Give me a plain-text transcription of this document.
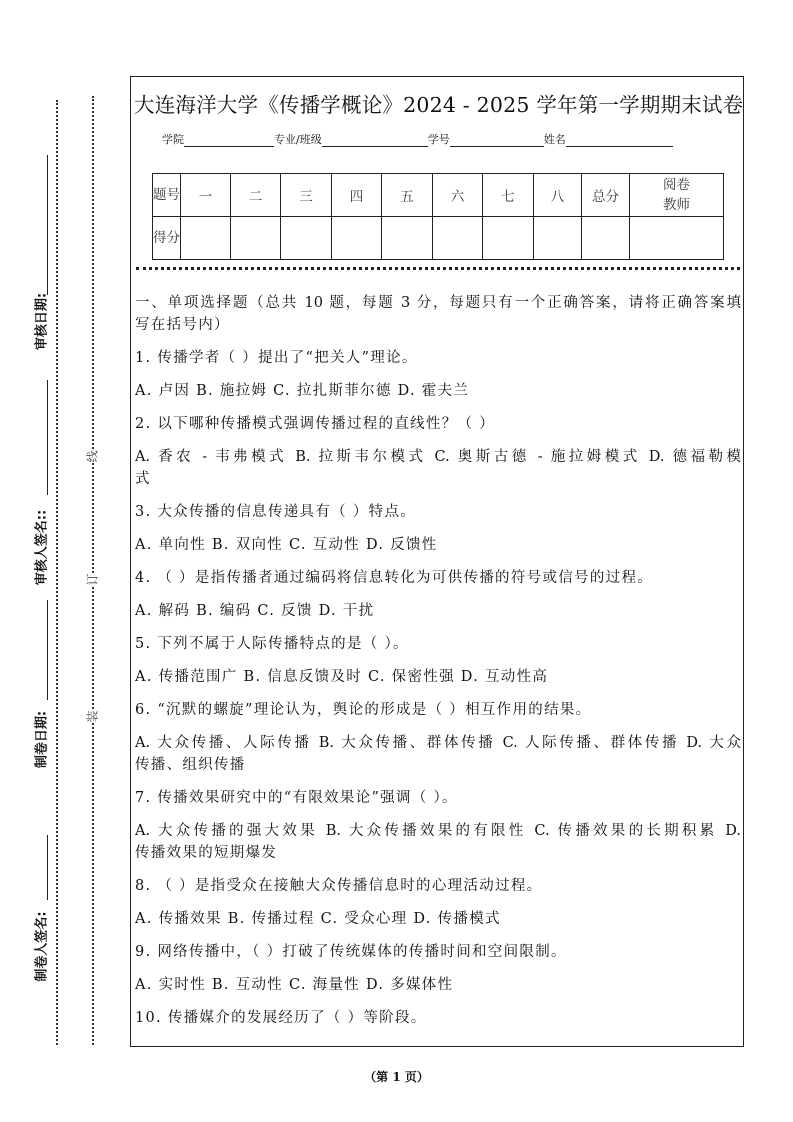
审核日期:
审核人签名::
制卷日期:
制卷人签名:
线
订
装
大连海洋大学《传播学概论》2024 - 2025 学年第一学期期末试卷
学院	专业/班级	学号	姓名
题号	一	二	三	四	五	六	七	八	总分	阅卷教师
得分										
一、单项选择题（总共 10 题，每题 3 分，每题只有一个正确答案，请将正确答案填
写在括号内）
1. 传播学者（ ）提出了“把关人”理论。
A. 卢因 B. 施拉姆 C. 拉扎斯菲尔德 D. 霍夫兰
2. 以下哪种传播模式强调传播过程的直线性？（ ）
A. 香农 - 韦弗模式 B. 拉斯韦尔模式 C. 奥斯古德 - 施拉姆模式 D. 德福勒模
式
3. 大众传播的信息传递具有（ ）特点。
A. 单向性 B. 双向性 C. 互动性 D. 反馈性
4. （ ）是指传播者通过编码将信息转化为可供传播的符号或信号的过程。
A. 解码 B. 编码 C. 反馈 D. 干扰
5. 下列不属于人际传播特点的是（ ）。
A. 传播范围广 B. 信息反馈及时 C. 保密性强 D. 互动性高
6. “沉默的螺旋”理论认为，舆论的形成是（ ）相互作用的结果。
A. 大众传播、人际传播 B. 大众传播、群体传播 C. 人际传播、群体传播 D. 大众
传播、组织传播
7. 传播效果研究中的“有限效果论”强调（ ）。
A. 大众传播的强大效果 B. 大众传播效果的有限性 C. 传播效果的长期积累 D.
传播效果的短期爆发
8. （ ）是指受众在接触大众传播信息时的心理活动过程。
A. 传播效果 B. 传播过程 C. 受众心理 D. 传播模式
9. 网络传播中，（ ）打破了传统媒体的传播时间和空间限制。
A. 实时性 B. 互动性 C. 海量性 D. 多媒体性
10. 传播媒介的发展经历了（ ）等阶段。
（第 1 页）
